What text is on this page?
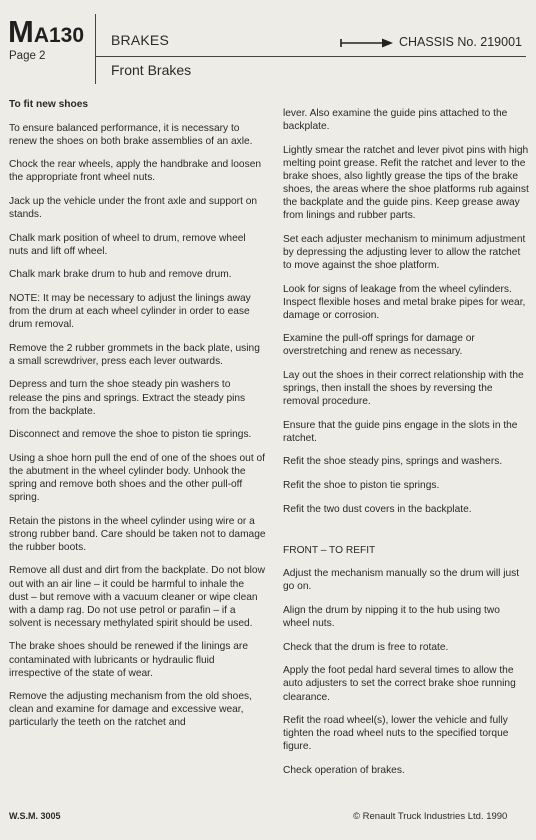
MA130
Page 2
BRAKES
Front Brakes
CHASSIS No. 219001

To fit new shoes

To ensure balanced performance, it is necessary to renew the shoes on both brake assemblies of an axle.

Chock the rear wheels, apply the handbrake and loosen the appropriate front wheel nuts.

Jack up the vehicle under the front axle and support on stands.

Chalk mark position of wheel to drum, remove wheel nuts and lift off wheel.

Chalk mark brake drum to hub and remove drum.

NOTE: It may be necessary to adjust the linings away from the drum at each wheel cylinder in order to ease drum removal.

Remove the 2 rubber grommets in the back plate, using a small screwdriver, press each lever outwards.

Depress and turn the shoe steady pin washers to release the pins and springs. Extract the steady pins from the backplate.

Disconnect and remove the shoe to piston tie springs.

Using a shoe horn pull the end of one of the shoes out of the abutment in the wheel cylinder body. Unhook the spring and remove both shoes and the other pull-off spring.

Retain the pistons in the wheel cylinder using wire or a strong rubber band. Care should be taken not to damage the rubber boots.

Remove all dust and dirt from the backplate. Do not blow out with an air line – it could be harmful to inhale the dust – but remove with a vacuum cleaner or wipe clean with a damp rag. Do not use petrol or parafin – if a solvent is necessary methylated spirit should be used.

The brake shoes should be renewed if the linings are contaminated with lubricants or hydraulic fluid irrespective of the state of wear.

Remove the adjusting mechanism from the old shoes, clean and examine for damage and excessive wear, particularly the teeth on the ratchet and

lever. Also examine the guide pins attached to the backplate.

Lightly smear the ratchet and lever pivot pins with high melting point grease. Refit the ratchet and lever to the brake shoes, also lightly grease the tips of the brake shoes, the areas where the shoe platforms rub against the backplate and the guide pins. Keep grease away from linings and rubber parts.

Set each adjuster mechanism to minimum adjustment by depressing the adjusting lever to allow the ratchet to move against the shoe platform.

Look for signs of leakage from the wheel cylinders. Inspect flexible hoses and metal brake pipes for wear, damage or corrosion.

Examine the pull-off springs for damage or overstretching and renew as necessary.

Lay out the shoes in their correct relationship with the springs, then install the shoes by reversing the removal procedure.

Ensure that the guide pins engage in the slots in the ratchet.

Refit the shoe steady pins, springs and washers.

Refit the shoe to piston tie springs.

Refit the two dust covers in the backplate.

FRONT – TO REFIT

Adjust the mechanism manually so the drum will just go on.

Align the drum by nipping it to the hub using two wheel nuts.

Check that the drum is free to rotate.

Apply the foot pedal hard several times to allow the auto adjusters to set the correct brake shoe running clearance.

Refit the road wheel(s), lower the vehicle and fully tighten the road wheel nuts to the specified torque figure.

Check operation of brakes.

W.S.M. 3005	© Renault Truck Industries Ltd. 1990
